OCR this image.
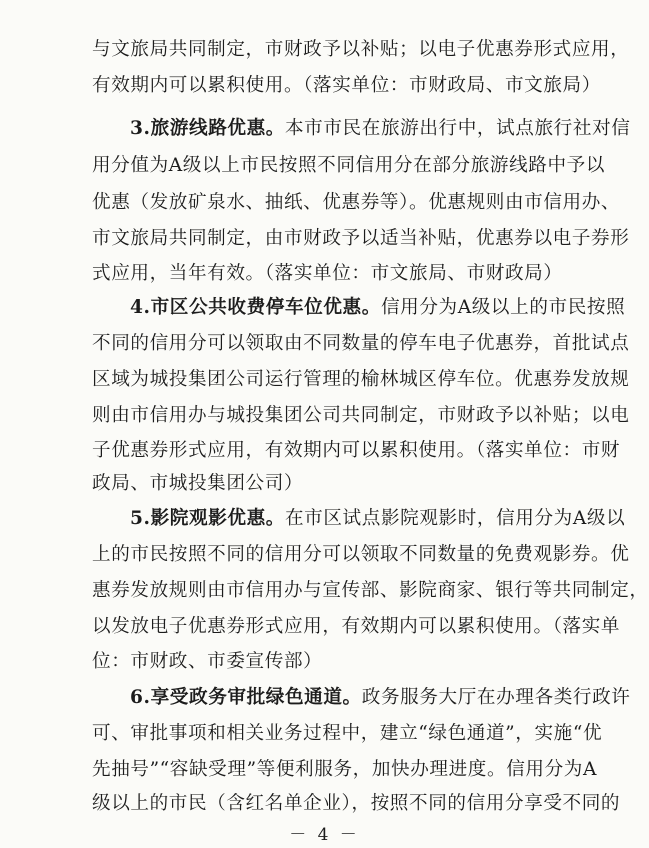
与文旅局共同制定，市财政予以补贴；以电子优惠券形式应用，
有效期内可以累积使用。（落实单位：市财政局、市文旅局）
3.旅游线路优惠。本市市民在旅游出行中，试点旅行社对信
用分值为A级以上市民按照不同信用分在部分旅游线路中予以
优惠（发放矿泉水、抽纸、优惠券等）。优惠规则由市信用办、
市文旅局共同制定，由市财政予以适当补贴，优惠券以电子券形
式应用，当年有效。（落实单位：市文旅局、市财政局）
4.市区公共收费停车位优惠。信用分为A级以上的市民按照
不同的信用分可以领取由不同数量的停车电子优惠券，首批试点
区域为城投集团公司运行管理的榆林城区停车位。优惠券发放规
则由市信用办与城投集团公司共同制定，市财政予以补贴；以电
子优惠券形式应用，有效期内可以累积使用。（落实单位：市财
政局、市城投集团公司）
5.影院观影优惠。在市区试点影院观影时，信用分为A级以
上的市民按照不同的信用分可以领取不同数量的免费观影券。优
惠券发放规则由市信用办与宣传部、影院商家、银行等共同制定，
以发放电子优惠券形式应用，有效期内可以累积使用。（落实单
位：市财政、市委宣传部）
6.享受政务审批绿色通道。政务服务大厅在办理各类行政许
可、审批事项和相关业务过程中，建立“绿色通道”，实施“优
先抽号”“容缺受理”等便利服务，加快办理进度。信用分为A
级以上的市民（含红名单企业），按照不同的信用分享受不同的
－ 4 －
